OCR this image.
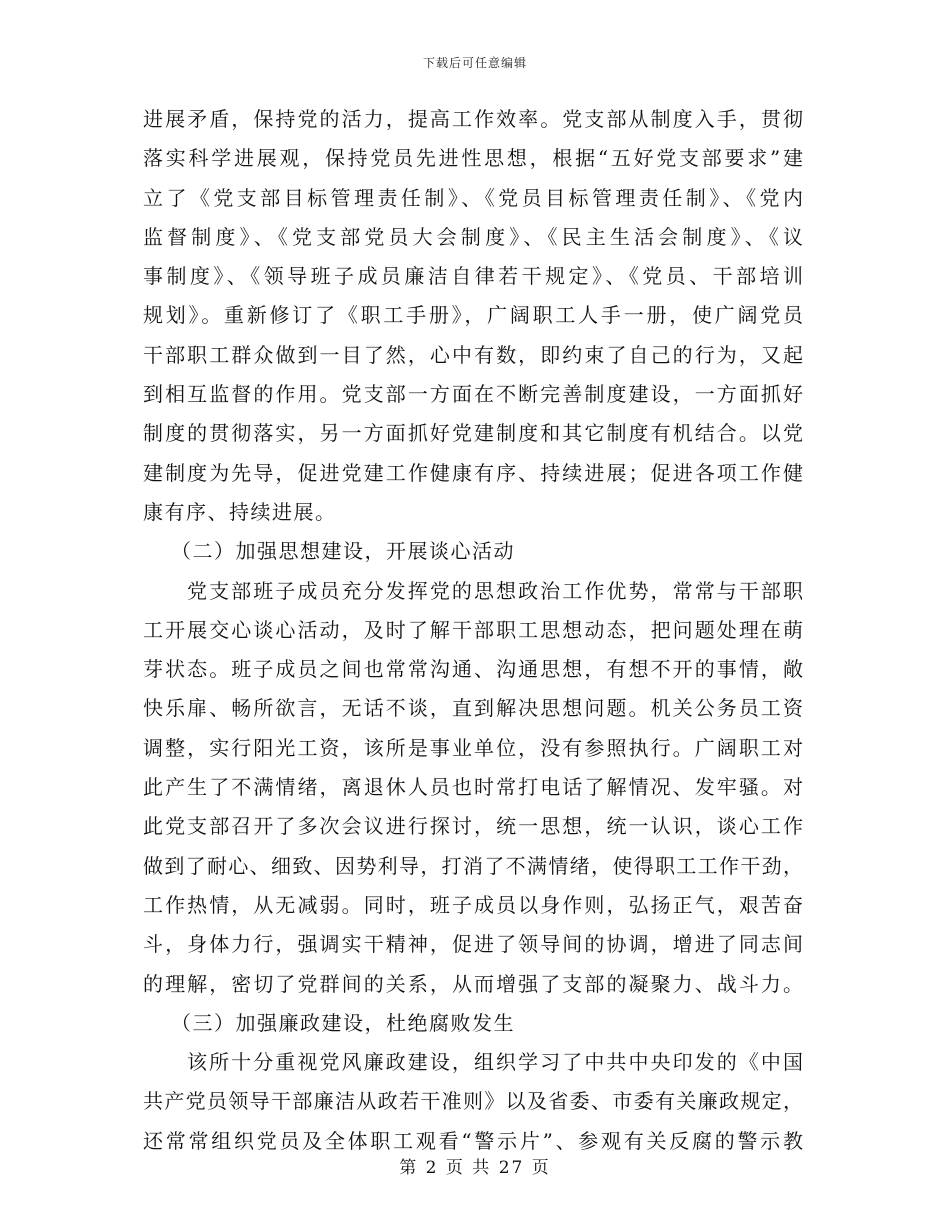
下载后可任意编辑
进展矛盾，保持党的活力，提高工作效率。党支部从制度入手，贯彻
落实科学进展观，保持党员先进性思想，根据“五好党支部要求”建
立了《党支部目标管理责任制》、《党员目标管理责任制》、《党内
监督制度》、《党支部党员大会制度》、《民主生活会制度》、《议
事制度》、《领导班子成员廉洁自律若干规定》、《党员、干部培训
规划》。重新修订了《职工手册》，广阔职工人手一册，使广阔党员
干部职工群众做到一目了然，心中有数，即约束了自己的行为，又起
到相互监督的作用。党支部一方面在不断完善制度建设，一方面抓好
制度的贯彻落实，另一方面抓好党建制度和其它制度有机结合。以党
建制度为先导，促进党建工作健康有序、持续进展；促进各项工作健
康有序、持续进展。
（二）加强思想建设，开展谈心活动
党支部班子成员充分发挥党的思想政治工作优势，常常与干部职
工开展交心谈心活动，及时了解干部职工思想动态，把问题处理在萌
芽状态。班子成员之间也常常沟通、沟通思想，有想不开的事情，敞
快乐扉、畅所欲言，无话不谈，直到解决思想问题。机关公务员工资
调整，实行阳光工资，该所是事业单位，没有参照执行。广阔职工对
此产生了不满情绪，离退休人员也时常打电话了解情况、发牢骚。对
此党支部召开了多次会议进行探讨，统一思想，统一认识，谈心工作
做到了耐心、细致、因势利导，打消了不满情绪，使得职工工作干劲，
工作热情，从无减弱。同时，班子成员以身作则，弘扬正气，艰苦奋
斗，身体力行，强调实干精神，促进了领导间的协调，增进了同志间
的理解，密切了党群间的关系，从而增强了支部的凝聚力、战斗力。
（三）加强廉政建设，杜绝腐败发生
该所十分重视党风廉政建设，组织学习了中共中央印发的《中国
共产党员领导干部廉洁从政若干准则》以及省委、市委有关廉政规定，
还常常组织党员及全体职工观看“警示片”、参观有关反腐的警示教
第 2 页 共 27 页
